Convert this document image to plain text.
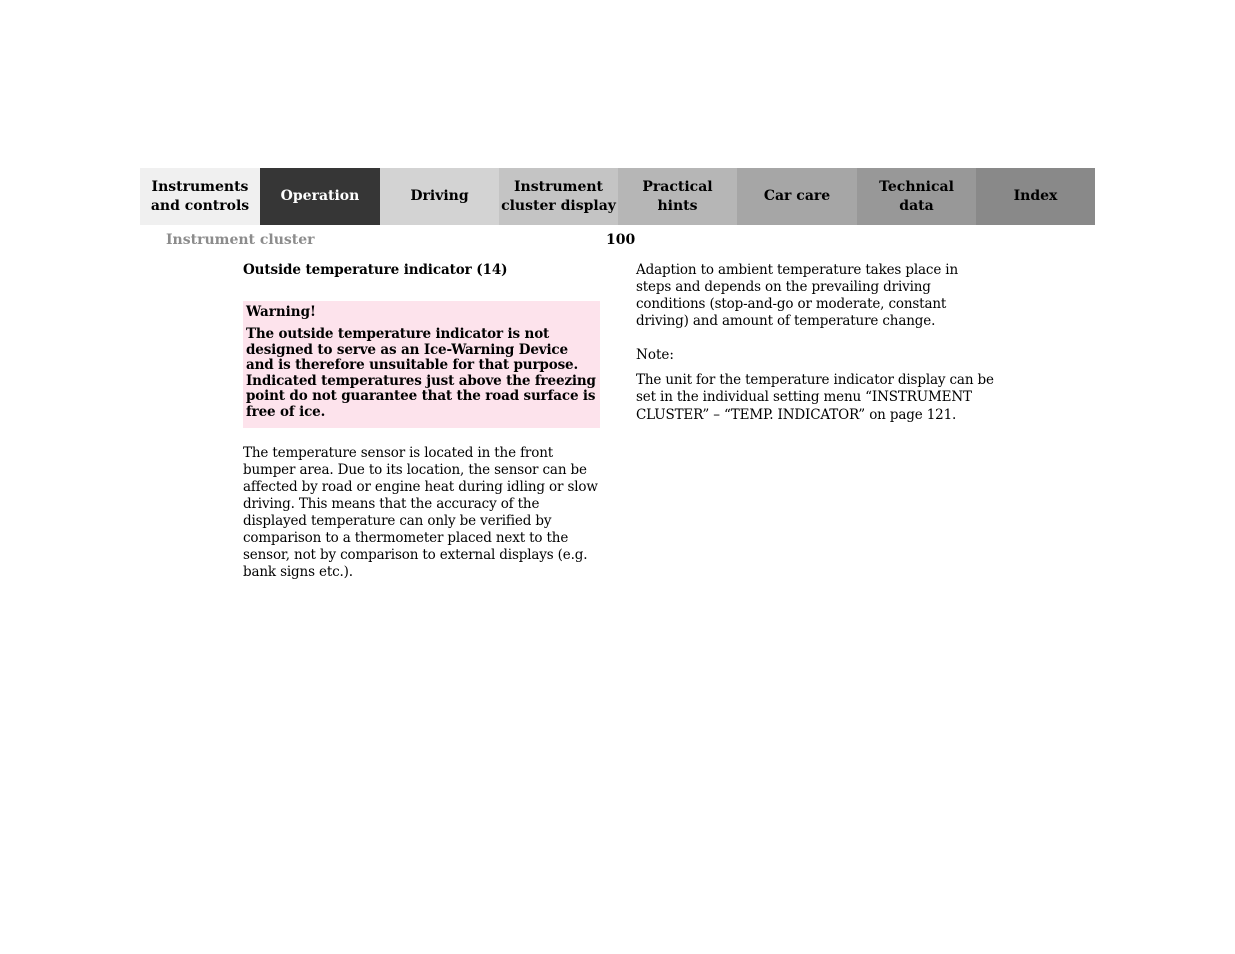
Instruments
and controls
Operation	Driving
Instrument
cluster display
Practical hints
Car care
Technical
data
Index
Instrument cluster	100
Outside temperature indicator (14)

Warning!

The outside temperature indicator is not designed to serve as an Ice-Warning Device and is therefore unsuitable for that purpose. Indicated temperatures just above the freezing point do not guarantee that the road surface is free of ice.

The temperature sensor is located in the front bumper area. Due to its location, the sensor can be affected by road or engine heat during idling or slow driving. This means that the accuracy of the displayed temperature can only be verified by comparison to a thermometer placed next to the sensor, not by comparison to external displays (e.g. bank signs etc.).

Adaption to ambient temperature takes place in steps and depends on the prevailing driving conditions (stop-and-go or moderate, constant driving) and amount of temperature change.

Note:

The unit for the temperature indicator display can be set in the individual setting menu “INSTRUMENT CLUSTER” – “TEMP. INDICATOR” on page 121.
